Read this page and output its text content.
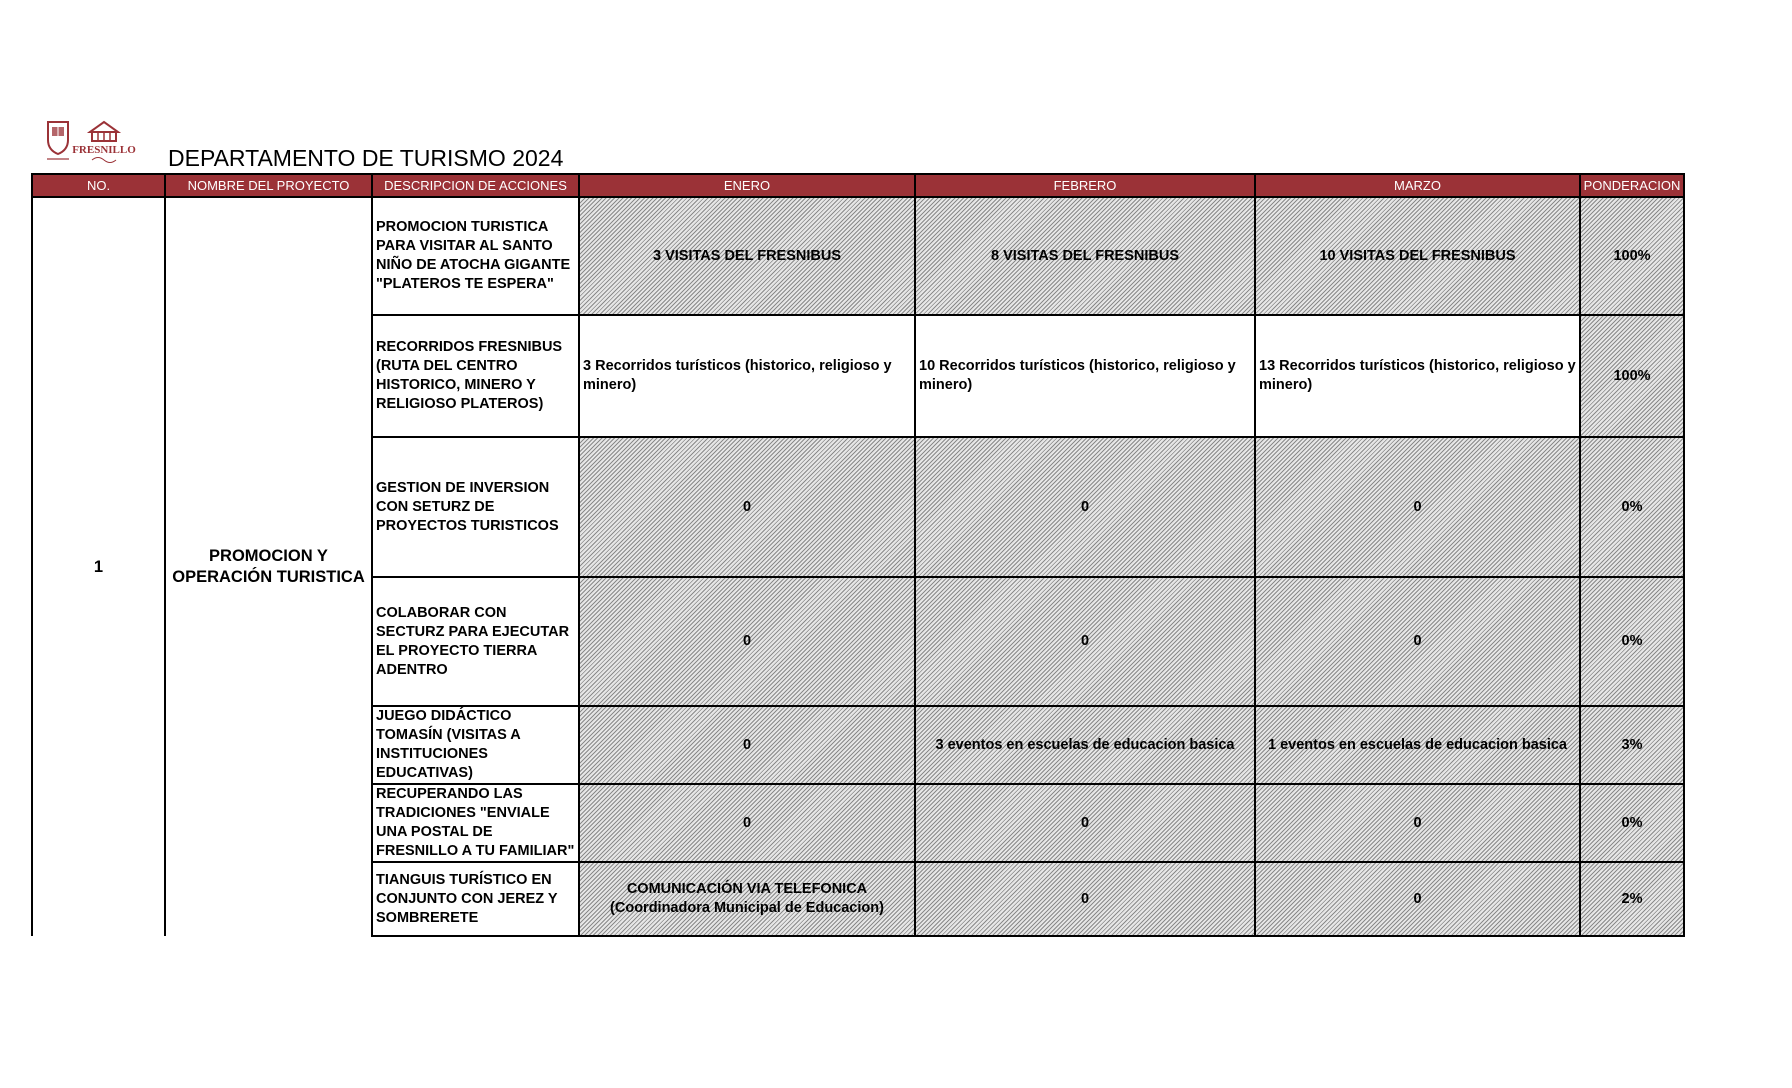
FRESNILLO DEPARTAMENTO DE TURISMO 2024
NO.	NOMBRE DEL PROYECTO	DESCRIPCION DE ACCIONES	ENERO	FEBRERO	MARZO	PONDERACION
1	PROMOCION Y OPERACIÓN TURISTICA	PROMOCION TURISTICA PARA VISITAR AL SANTO NIÑO DE ATOCHA GIGANTE "PLATEROS TE ESPERA"	3 VISITAS DEL FRESNIBUS	8 VISITAS DEL FRESNIBUS	10 VISITAS DEL FRESNIBUS	100%
		RECORRIDOS FRESNIBUS (RUTA DEL CENTRO HISTORICO, MINERO Y RELIGIOSO PLATEROS)	3 Recorridos turísticos (historico, religioso y minero)	10 Recorridos turísticos (historico, religioso y minero)	13 Recorridos turísticos (historico, religioso y minero)	100%
		GESTION DE INVERSION CON SETURZ DE PROYECTOS TURISTICOS	0	0	0	0%
		COLABORAR CON SECTURZ PARA EJECUTAR EL PROYECTO TIERRA ADENTRO	0	0	0	0%
		JUEGO DIDÁCTICO TOMASÍN (VISITAS A INSTITUCIONES EDUCATIVAS)	0	3 eventos en escuelas de educacion basica	1 eventos en escuelas de educacion basica	3%
		RECUPERANDO LAS TRADICIONES "ENVIALE UNA POSTAL DE FRESNILLO A TU FAMILIAR"	0	0	0	0%
		TIANGUIS TURÍSTICO EN CONJUNTO CON JEREZ Y SOMBRERETE	COMUNICACIÓN VIA TELEFONICA (Coordinadora Municipal de Educacion)	0	0	2%
